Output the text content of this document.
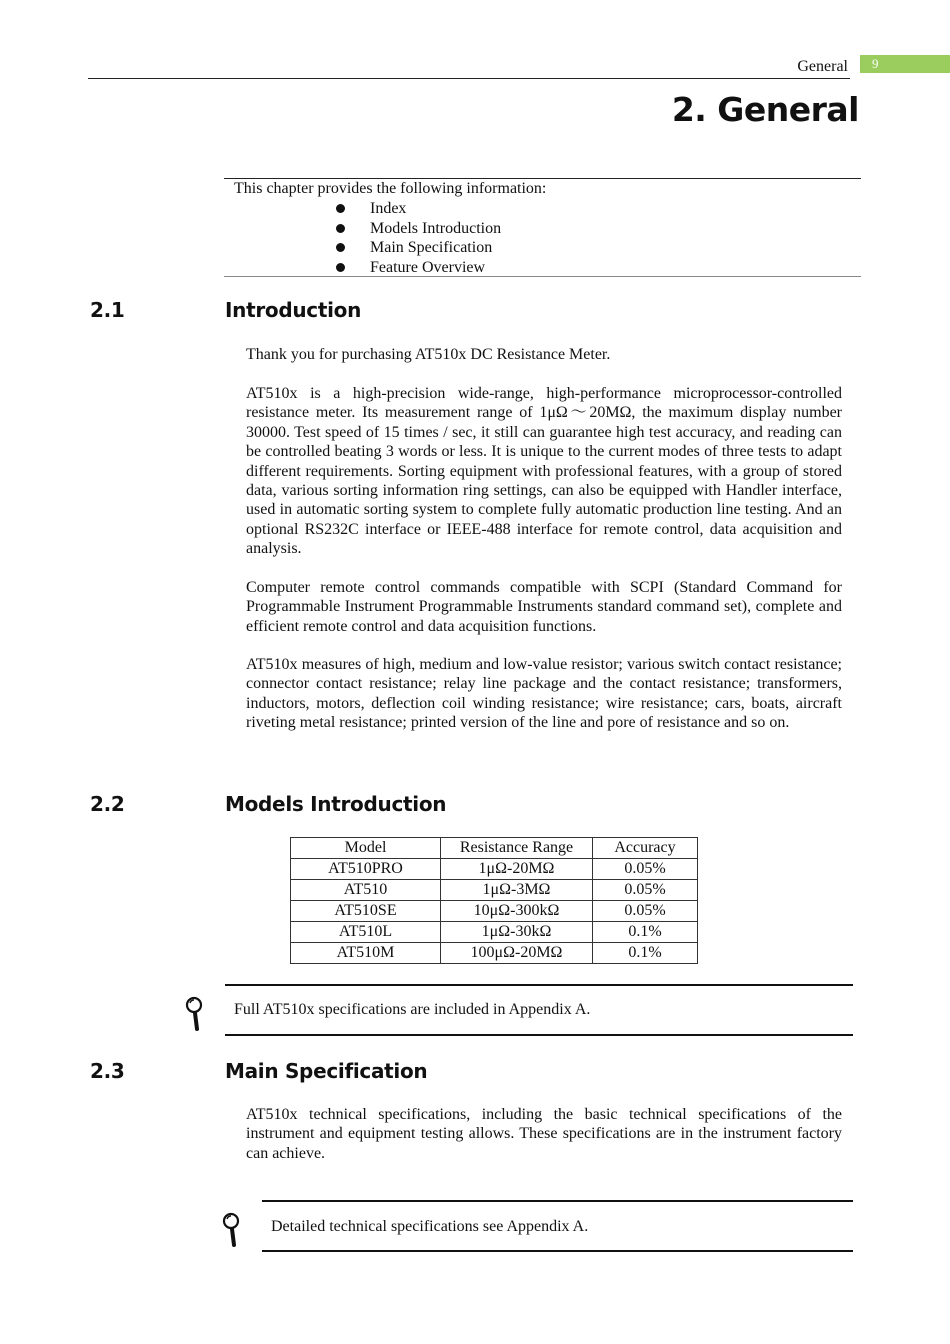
General	9
2. General
This chapter provides the following information:
Index
Models Introduction
Main Specification
Feature Overview
2.1	Introduction

Thank you for purchasing AT510x DC Resistance Meter.

AT510x is a high-precision wide-range, high-performance microprocessor-controlled resistance meter. Its measurement range of 1μΩ～20MΩ, the maximum display number 30000. Test speed of 15 times / sec, it still can guarantee high test accuracy, and reading can be controlled beating 3 words or less. It is unique to the current modes of three tests to adapt different requirements. Sorting equipment with professional features, with a group of stored data, various sorting information ring settings, can also be equipped with Handler interface, used in automatic sorting system to complete fully automatic production line testing. And an optional RS232C interface or IEEE-488 interface for remote control, data acquisition and analysis.

Computer remote control commands compatible with SCPI (Standard Command for Programmable Instrument Programmable Instruments standard command set), complete and efficient remote control and data acquisition functions.

AT510x measures of high, medium and low-value resistor; various switch contact resistance; connector contact resistance; relay line package and the contact resistance; transformers, inductors, motors, deflection coil winding resistance; wire resistance; cars, boats, aircraft riveting metal resistance; printed version of the line and pore of resistance and so on.

2.2	Models Introduction
Model	Resistance Range	Accuracy
AT510PRO	1μΩ-20MΩ	0.05%
AT510	1μΩ-3MΩ	0.05%
AT510SE	10μΩ-300kΩ	0.05%
AT510L	1μΩ-30kΩ	0.1%
AT510M	100μΩ-20MΩ	0.1%
Full AT510x specifications are included in Appendix A.
2.3	Main Specification

AT510x technical specifications, including the basic technical specifications of the instrument and equipment testing allows. These specifications are in the instrument factory can achieve.

Detailed technical specifications see Appendix A.
